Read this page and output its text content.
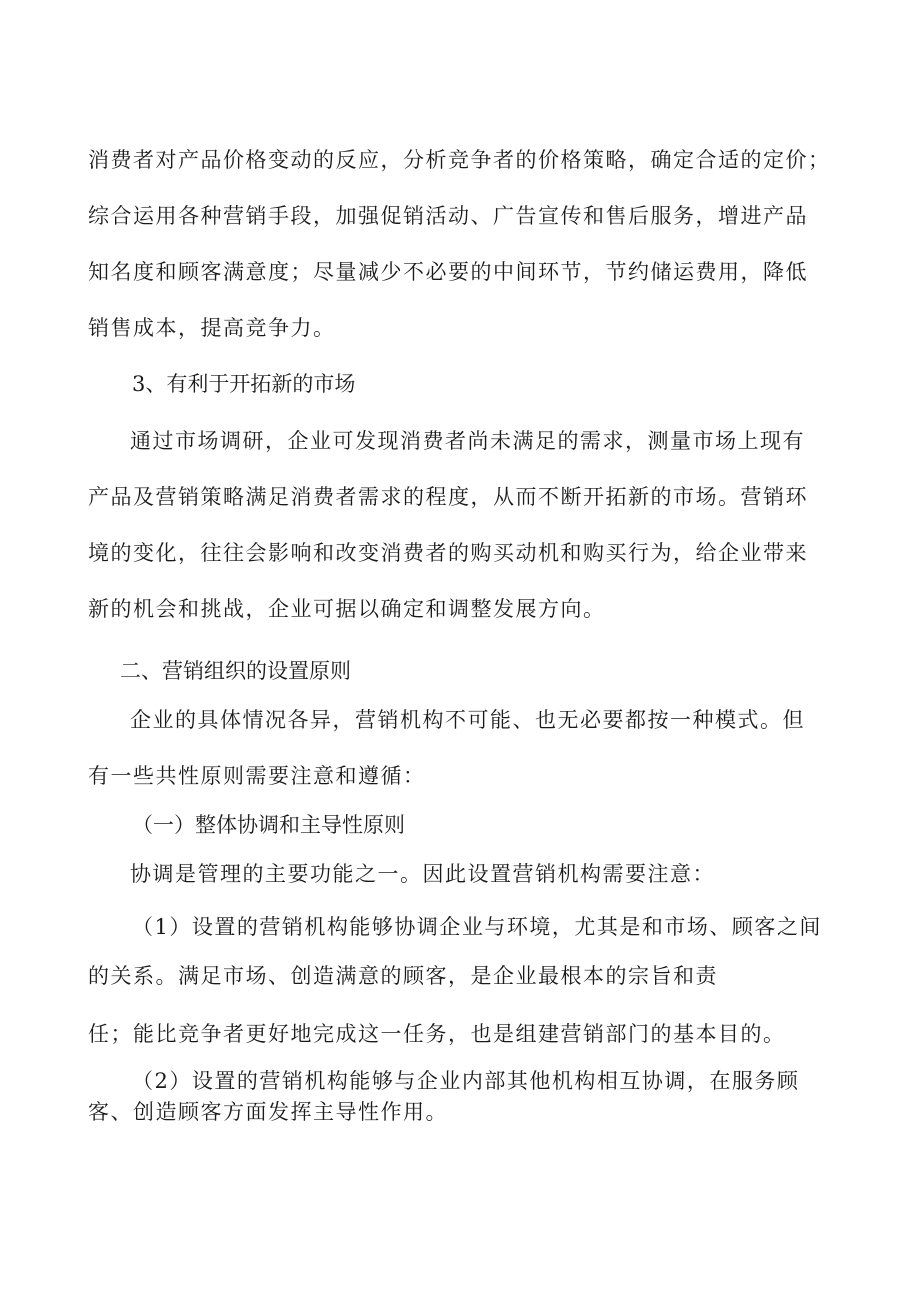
消费者对产品价格变动的反应，分析竞争者的价格策略，确定合适的定价；
综合运用各种营销手段，加强促销活动、广告宣传和售后服务，增进产品
知名度和顾客满意度；尽量减少不必要的中间环节，节约储运费用，降低
销售成本，提高竞争力。
3、有利于开拓新的市场
通过市场调研，企业可发现消费者尚未满足的需求，测量市场上现有
产品及营销策略满足消费者需求的程度，从而不断开拓新的市场。营销环
境的变化，往往会影响和改变消费者的购买动机和购买行为，给企业带来
新的机会和挑战，企业可据以确定和调整发展方向。
二、营销组织的设置原则
企业的具体情况各异，营销机构不可能、也无必要都按一种模式。但
有一些共性原则需要注意和遵循：
（一）整体协调和主导性原则
协调是管理的主要功能之一。因此设置营销机构需要注意：
（1）设置的营销机构能够协调企业与环境，尤其是和市场、顾客之间
的关系。满足市场、创造满意的顾客，是企业最根本的宗旨和责
任；能比竞争者更好地完成这一任务，也是组建营销部门的基本目的。
（2）设置的营销机构能够与企业内部其他机构相互协调，在服务顾
客、创造顾客方面发挥主导性作用。
